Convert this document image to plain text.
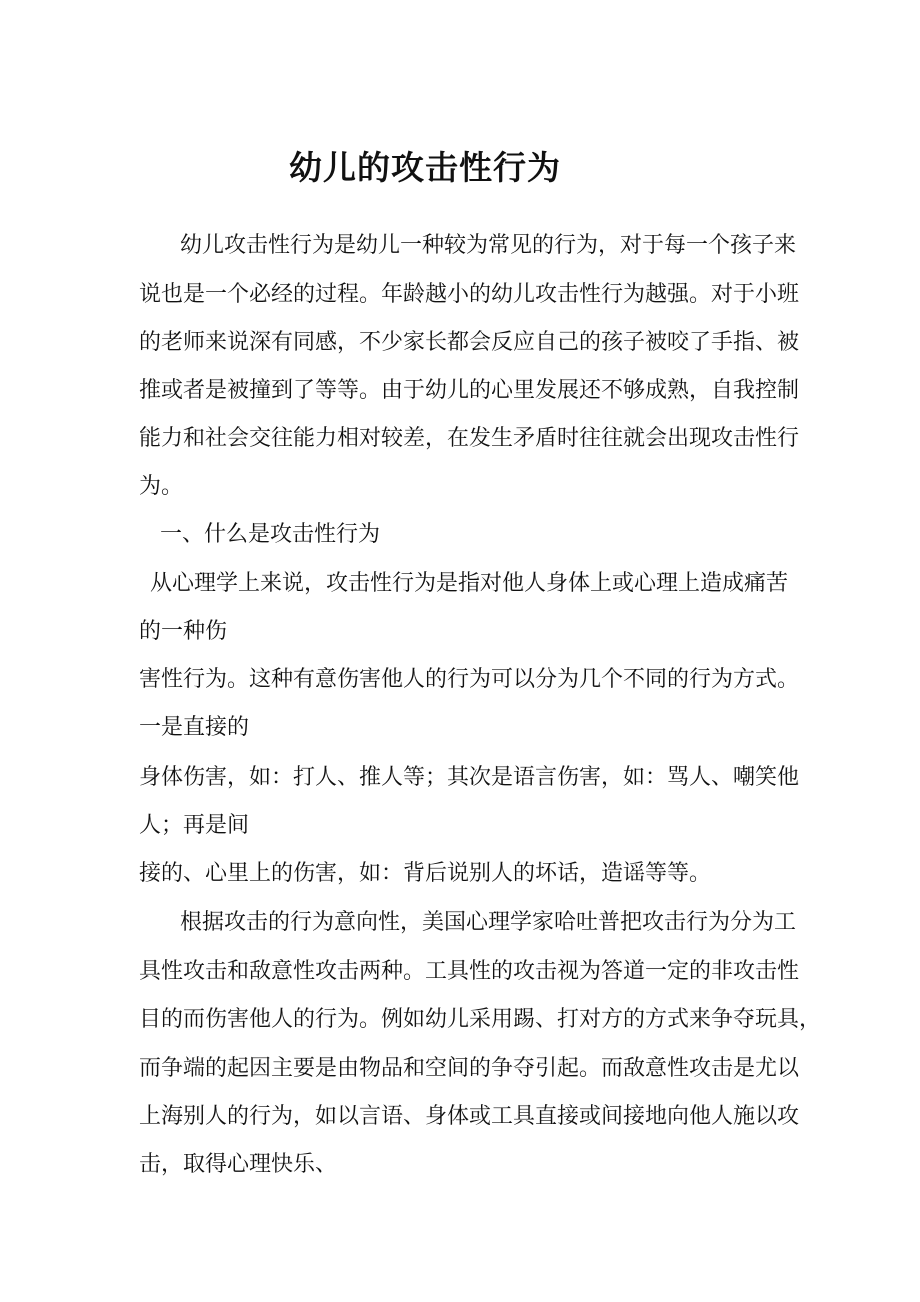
幼儿的攻击性行为
幼儿攻击性行为是幼儿一种较为常见的行为，对于每一个孩子来
说也是一个必经的过程。年龄越小的幼儿攻击性行为越强。对于小班
的老师来说深有同感，不少家长都会反应自己的孩子被咬了手指、被
推或者是被撞到了等等。由于幼儿的心里发展还不够成熟，自我控制
能力和社会交往能力相对较差，在发生矛盾时往往就会出现攻击性行
为。
一、什么是攻击性行为
从心理学上来说，攻击性行为是指对他人身体上或心理上造成痛苦
的一种伤
害性行为。这种有意伤害他人的行为可以分为几个不同的行为方式。
一是直接的
身体伤害，如：打人、推人等；其次是语言伤害，如：骂人、嘲笑他
人；再是间
接的、心里上的伤害，如：背后说别人的坏话，造谣等等。
根据攻击的行为意向性，美国心理学家哈吐普把攻击行为分为工
具性攻击和敌意性攻击两种。工具性的攻击视为答道一定的非攻击性
目的而伤害他人的行为。例如幼儿采用踢、打对方的方式来争夺玩具，
而争端的起因主要是由物品和空间的争夺引起。而敌意性攻击是尤以
上海别人的行为，如以言语、身体或工具直接或间接地向他人施以攻
击，取得心理快乐、
